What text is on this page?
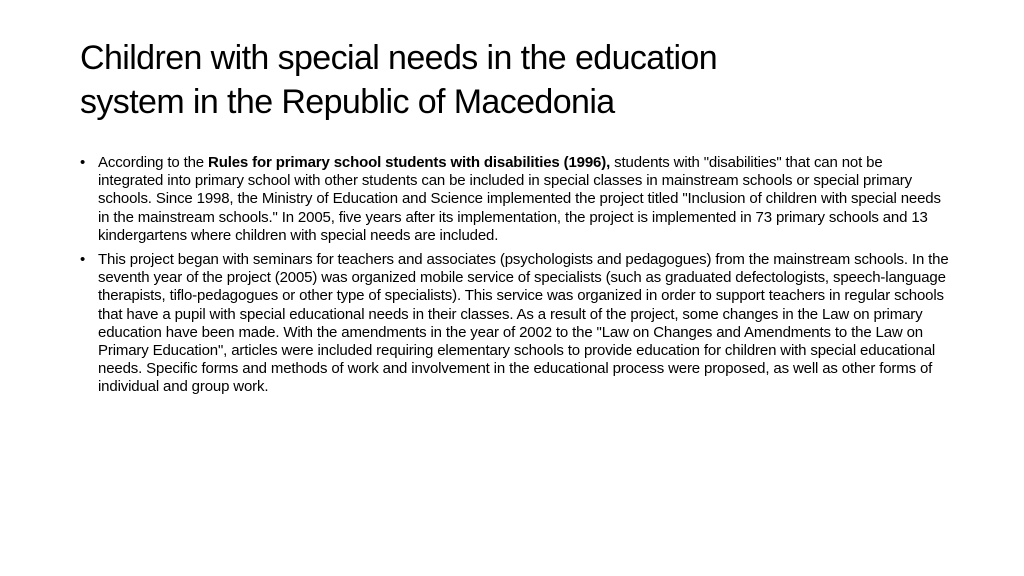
Children with special needs in the education
system in the Republic of Macedonia
• According to the Rules for primary school students with disabilities (1996), students with "disabilities" that can not be integrated into primary school with other students can be included in special classes in mainstream schools or special primary schools. Since 1998, the Ministry of Education and Science implemented the project titled "Inclusion of children with special needs in the mainstream schools." In 2005, five years after its implementation, the project is implemented in 73 primary schools and 13 kindergartens where children with special needs are included.
• This project began with seminars for teachers and associates (psychologists and pedagogues) from the mainstream schools. In the seventh year of the project (2005) was organized mobile service of specialists (such as graduated defectologists, speech-language therapists, tiflo-pedagogues or other type of specialists). This service was organized in order to support teachers in regular schools that have a pupil with special educational needs in their classes. As a result of the project, some changes in the Law on primary education have been made. With the amendments in the year of 2002 to the "Law on Changes and Amendments to the Law on Primary Education", articles were included requiring elementary schools to provide education for children with special educational needs. Specific forms and methods of work and involvement in the educational process were proposed, as well as other forms of individual and group work.
